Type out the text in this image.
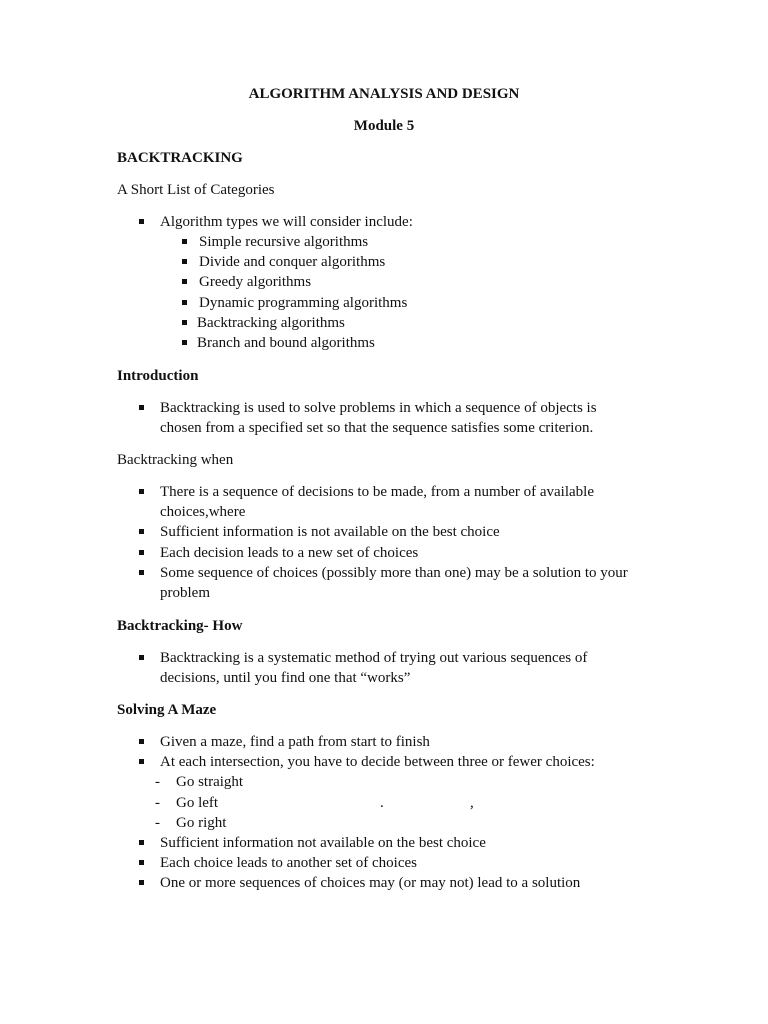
ALGORITHM ANALYSIS AND DESIGN
Module 5
BACKTRACKING
A Short List of Categories
Algorithm types we will consider include:
Simple recursive algorithms
Divide and conquer algorithms
Greedy algorithms
Dynamic programming algorithms
Backtracking algorithms
Branch and bound algorithms
Introduction
Backtracking is used to solve problems in which a sequence of objects is
chosen from a specified set so that the sequence satisfies some criterion.
Backtracking when
There is a sequence of decisions to be made, from a number of available
choices,where
Sufficient information is not available on the best choice
Each decision leads to a new set of choices
Some sequence of choices (possibly more than one) may be a solution to your
problem
Backtracking- How
Backtracking is a systematic method of trying out various sequences of
decisions, until you find one that “works”
Solving A Maze
Given a maze, find a path from start to finish
At each intersection, you have to decide between three or fewer choices:
- Go straight
- Go left	.	,
- Go right
Sufficient information not available on the best choice
Each choice leads to another set of choices
One or more sequences of choices may (or may not) lead to a solution
